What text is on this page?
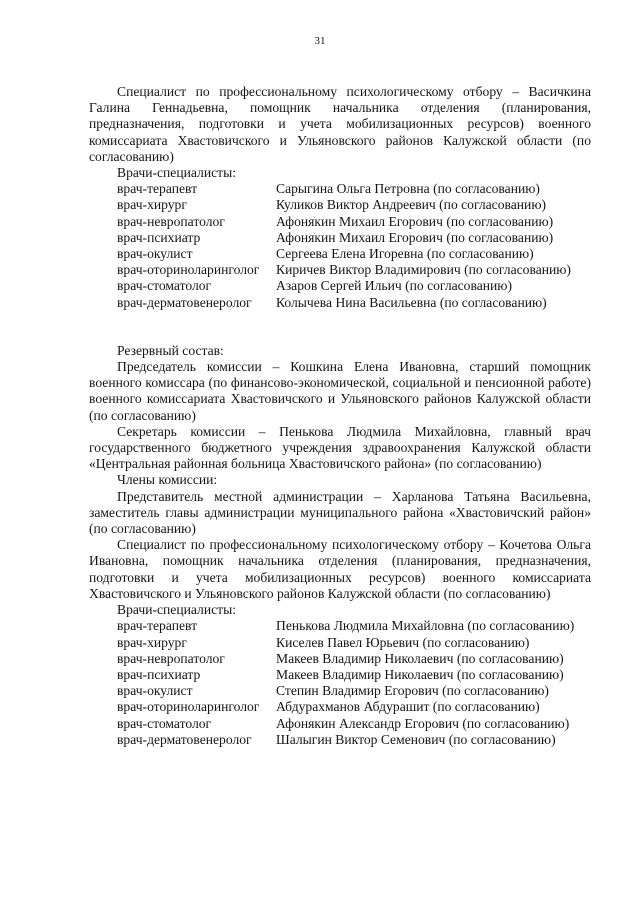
31

Специалист по профессиональному психологическому отбору – Васичкина Галина Геннадьевна, помощник начальника отделения (планирования, предназначения, подготовки и учета мобилизационных ресурсов) военного комиссариата Хвастовичского и Ульяновского районов Калужской области (по согласованию)

Врачи-специалисты:

врач-терапевт	Сарыгина Ольга Петровна (по согласованию)
врач-хирург	Куликов Виктор Андреевич (по согласованию)
врач-невропатолог	Афонякин Михаил Егорович (по согласованию)
врач-психиатр	Афонякин Михаил Егорович (по согласованию)
врач-окулист	Сергеева Елена Игоревна (по согласованию)
врач-оториноларинголог	Киричев Виктор Владимирович (по согласованию)
врач-стоматолог	Азаров Сергей Ильич (по согласованию)
врач-дерматовенеролог	Колычева Нина Васильевна (по согласованию)

Резервный состав:

Председатель комиссии – Кошкина Елена Ивановна, старший помощник военного комиссара (по финансово-экономической, социальной и пенсионной работе) военного комиссариата Хвастовичского и Ульяновского районов Калужской области (по согласованию)

Секретарь комиссии – Пенькова Людмила Михайловна, главный врач государственного бюджетного учреждения здравоохранения Калужской области «Центральная районная больница Хвастовичского района» (по согласованию)

Члены комиссии:

Представитель местной администрации – Харланова Татьяна Васильевна, заместитель главы администрации муниципального района «Хвастовичский район» (по согласованию)

Специалист по профессиональному психологическому отбору – Кочетова Ольга Ивановна, помощник начальника отделения (планирования, предназначения, подготовки и учета мобилизационных ресурсов) военного комиссариата Хвастовичского и Ульяновского районов Калужской области (по согласованию)

Врачи-специалисты:

врач-терапевт	Пенькова Людмила Михайловна (по согласованию)
врач-хирург	Киселев Павел Юрьевич (по согласованию)
врач-невропатолог	Макеев Владимир Николаевич (по согласованию)
врач-психиатр	Макеев Владимир Николаевич (по согласованию)
врач-окулист	Степин Владимир Егорович (по согласованию)
врач-оториноларинголог	Абдурахманов Абдурашит (по согласованию)
врач-стоматолог	Афонякин Александр Егорович (по согласованию)
врач-дерматовенеролог	Шалыгин Виктор Семенович (по согласованию)
